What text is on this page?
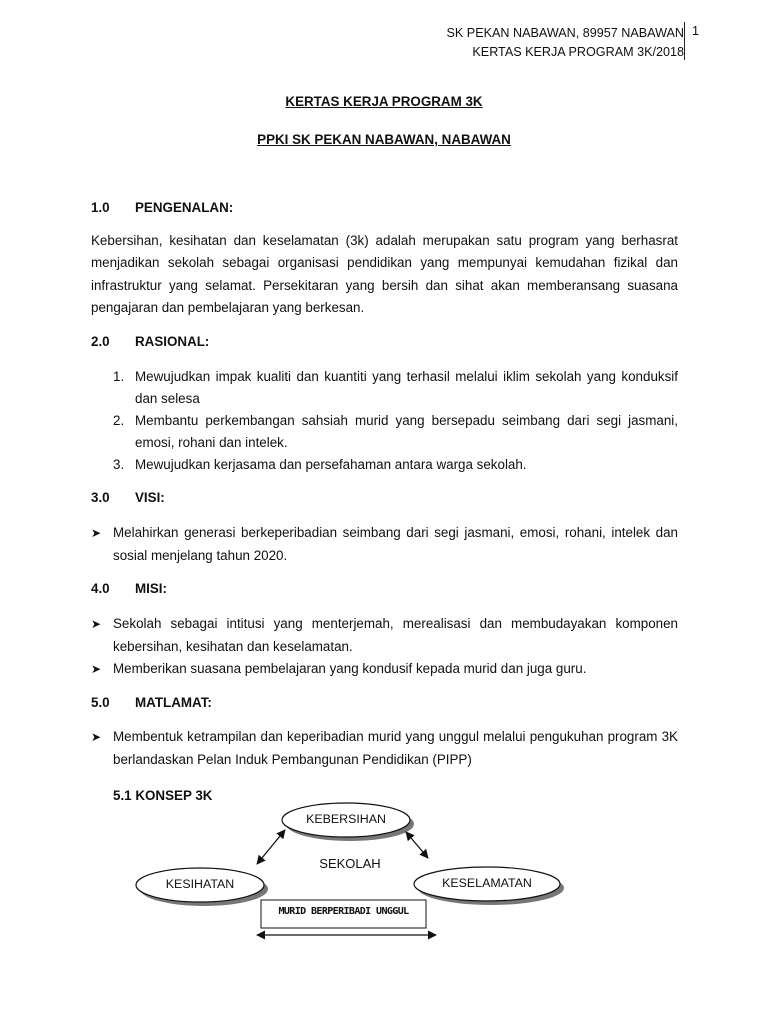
SK PEKAN NABAWAN, 89957 NABAWAN
KERTAS KERJA PROGRAM 3K/2018
1
KERTAS KERJA PROGRAM 3K
PPKI SK PEKAN NABAWAN, NABAWAN
1.0 PENGENALAN:

Kebersihan, kesihatan dan keselamatan (3k) adalah merupakan satu program yang berhasrat menjadikan sekolah sebagai organisasi pendidikan yang mempunyai kemudahan fizikal dan infrastruktur yang selamat. Persekitaran yang bersih dan sihat akan memberansang suasana pengajaran dan pembelajaran yang berkesan.

2.0 RASIONAL:
1. Mewujudkan impak kualiti dan kuantiti yang terhasil melalui iklim sekolah yang konduksif dan selesa
2. Membantu perkembangan sahsiah murid yang bersepadu seimbang dari segi jasmani, emosi, rohani dan intelek.
3. Mewujudkan kerjasama dan persefahaman antara warga sekolah.
3.0 VISI:
➤ Melahirkan generasi berkeperibadian seimbang dari segi jasmani, emosi, rohani, intelek dan sosial menjelang tahun 2020.
4.0 MISI:
➤ Sekolah sebagai intitusi yang menterjemah, merealisasi dan membudayakan komponen kebersihan, kesihatan dan keselamatan.
➤ Memberikan suasana pembelajaran yang kondusif kepada murid dan juga guru.
5.0 MATLAMAT:
➤ Membentuk ketrampilan dan keperibadian murid yang unggul melalui pengukuhan program 3K berlandaskan Pelan Induk Pembangunan Pendidikan (PIPP)
5.1 KONSEP 3K
KEBERSIHAN
KESIHATAN	KESELAMATAN
SEKOLAH
MURID BERPERIBADI UNGGUL
